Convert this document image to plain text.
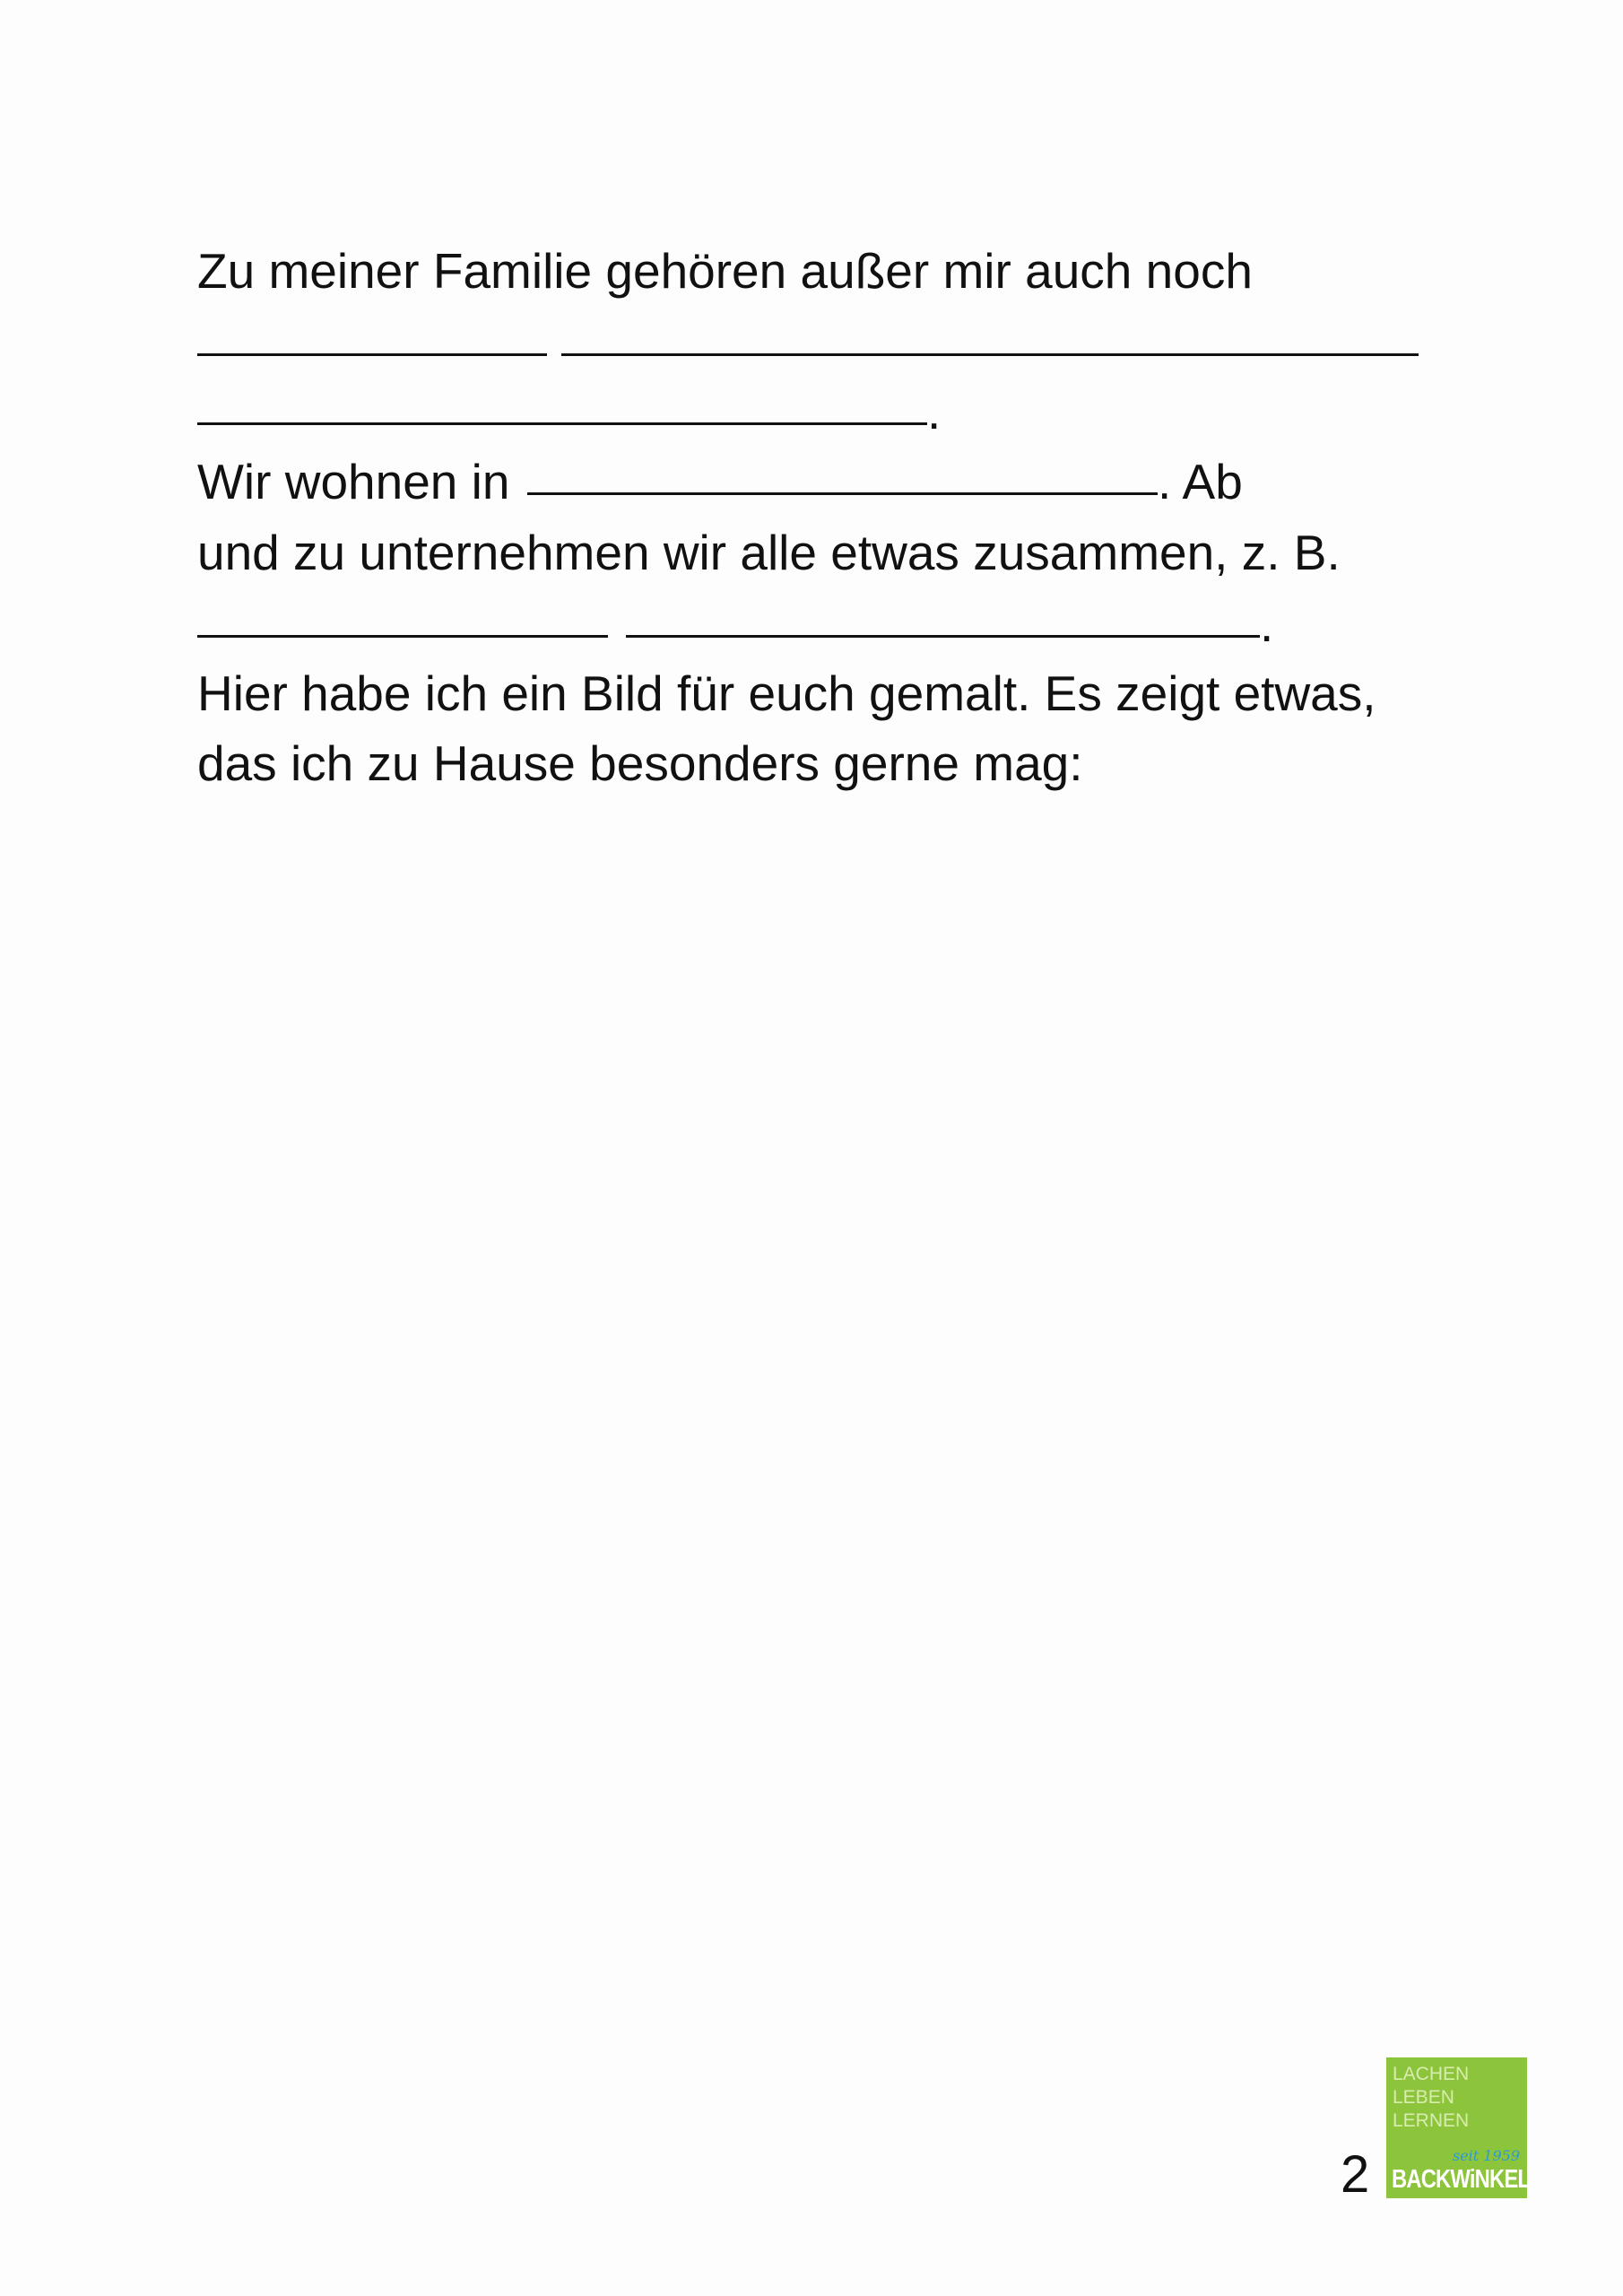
Zu meiner Familie gehören außer mir auch noch
.
Wir wohnen in	. Ab
und zu unternehmen wir alle etwas zusammen, z. B.
.
Hier habe ich ein Bild für euch gemalt. Es zeigt etwas,
das ich zu Hause besonders gerne mag:
2
LACHEN
LEBEN
LERNEN
seit 1959
BACKWiNKEL
